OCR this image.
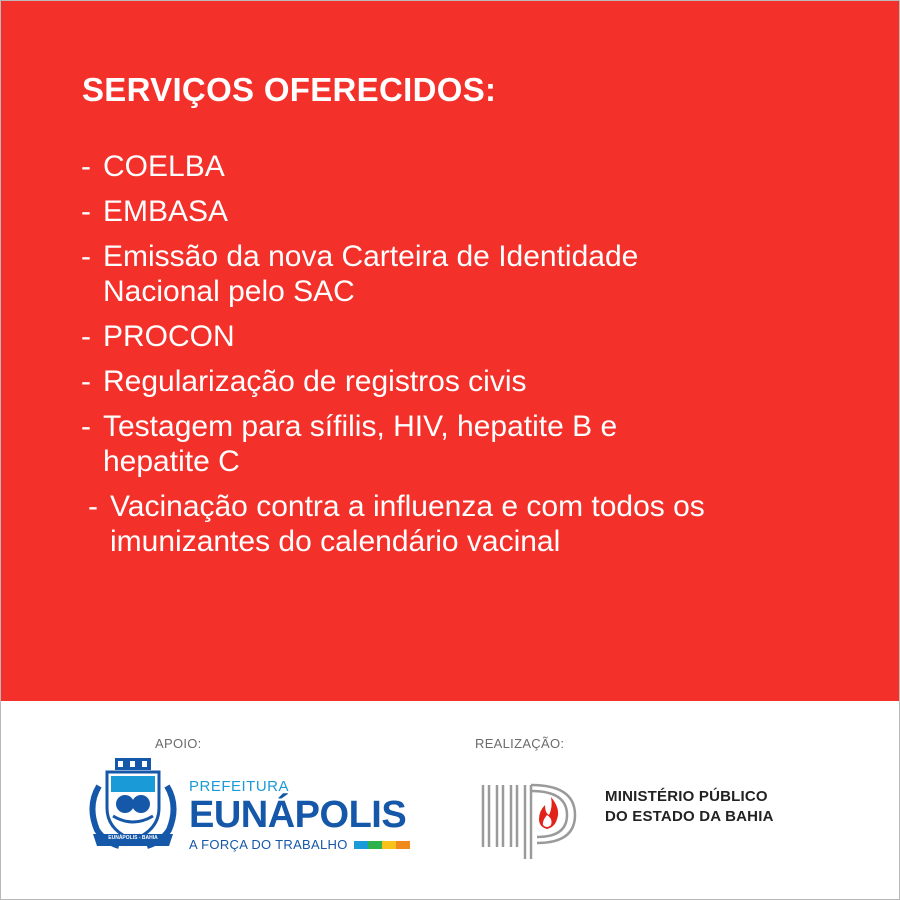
SERVIÇOS OFERECIDOS:
- COELBA
- EMBASA
- Emissão da nova Carteira de Identidade Nacional pelo SAC
- PROCON
- Regularização de registros civis
- Testagem para sífilis, HIV, hepatite B e hepatite C
- Vacinação contra a influenza e com todos os imunizantes do calendário vacinal
APOIO:	REALIZAÇÃO:
EUNÁPOLIS - BAHIA
PREFEITURA
EUNÁPOLIS
A FORÇA DO TRABALHO
MINISTÉRIO PÚBLICO
DO ESTADO DA BAHIA
